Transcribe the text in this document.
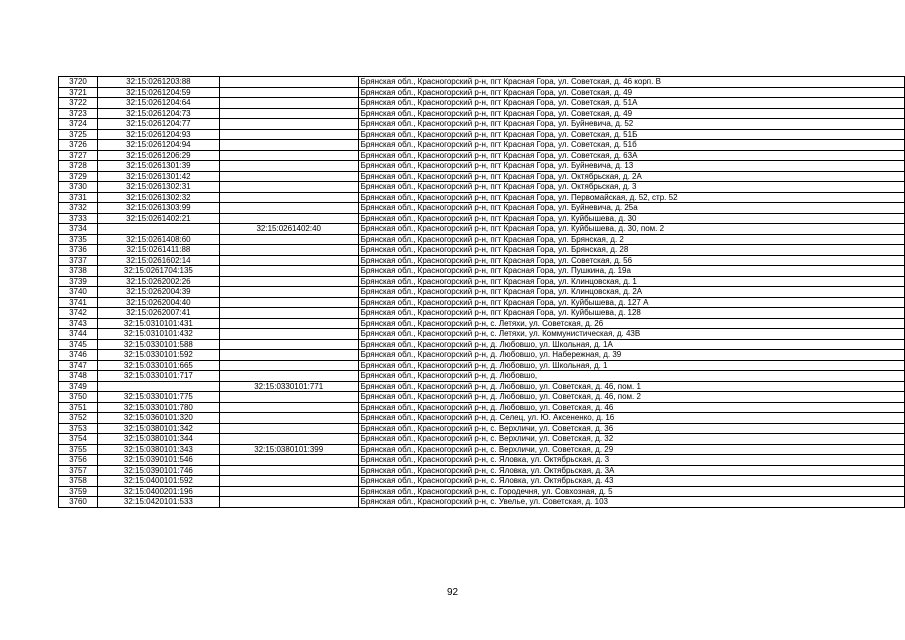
3720	32:15:0261203:88		Брянская обл., Красногорский р-н, пгт Красная Гора, ул. Советская, д. 46 корп. В
3721	32:15:0261204:59		Брянская обл., Красногорский р-н, пгт Красная Гора, ул. Советская, д. 49
3722	32:15:0261204:64		Брянская обл., Красногорский р-н, пгт Красная Гора, ул. Советская, д. 51А
3723	32:15:0261204:73		Брянская обл., Красногорский р-н, пгт Красная Гора, ул. Советская, д. 49
3724	32:15:0261204:77		Брянская обл., Красногорский р-н, пгт Красная Гора, ул. Буйневича, д. 52
3725	32:15:0261204:93		Брянская обл., Красногорский р-н, пгт Красная Гора, ул. Советская, д. 51Б
3726	32:15:0261204:94		Брянская обл., Красногорский р-н, пгт Красная Гора, ул. Советская, д. 51б
3727	32:15:0261206:29		Брянская обл., Красногорский р-н, пгт Красная Гора, ул. Советская, д. 63А
3728	32:15:0261301:39		Брянская обл., Красногорский р-н, пгт Красная Гора, ул. Буйневича, д. 13
3729	32:15:0261301:42		Брянская обл., Красногорский р-н, пгт Красная Гора, ул. Октябрьская, д. 2А
3730	32:15:0261302:31		Брянская обл., Красногорский р-н, пгт Красная Гора, ул. Октябрьская, д. 3
3731	32:15:0261302:32		Брянская обл., Красногорский р-н, пгт Красная Гора, ул. Первомайская, д. 52, стр. 52
3732	32:15:0261303:99		Брянская обл., Красногорский р-н, пгт Красная Гора, ул. Буйневича, д. 25а
3733	32:15:0261402:21		Брянская обл., Красногорский р-н, пгт Красная Гора, ул. Куйбышева, д. 30
3734		32:15:0261402:40	Брянская обл., Красногорский р-н, пгт Красная Гора, ул. Куйбышева, д. 30, пом. 2
3735	32:15:0261408:60		Брянская обл., Красногорский р-н, пгт Красная Гора, ул. Брянская, д. 2
3736	32:15:0261411:88		Брянская обл., Красногорский р-н, пгт Красная Гора, ул. Брянская, д. 28
3737	32:15:0261602:14		Брянская обл., Красногорский р-н, пгт Красная Гора, ул. Советская, д. 56
3738	32:15:0261704:135		Брянская обл., Красногорский р-н, пгт Красная Гора, ул. Пушкина, д. 19а
3739	32:15:0262002:26		Брянская обл., Красногорский р-н, пгт Красная Гора, ул. Клинцовская, д. 1
3740	32:15:0262004:39		Брянская обл., Красногорский р-н, пгт Красная Гора, ул. Клинцовская, д. 2А
3741	32:15:0262004:40		Брянская обл., Красногорский р-н, пгт Красная Гора, ул. Куйбышева, д. 127 А
3742	32:15:0262007:41		Брянская обл., Красногорский р-н, пгт Красная Гора, ул. Куйбышева, д. 128
3743	32:15:0310101:431		Брянская обл., Красногорский р-н, с. Летяхи, ул. Советская, д. 26
3744	32:15:0310101:432		Брянская обл., Красногорский р-н, с. Летяхи, ул. Коммунистическая, д. 43В
3745	32:15:0330101:588		Брянская обл., Красногорский р-н, д. Любовшо, ул. Школьная, д. 1А
3746	32:15:0330101:592		Брянская обл., Красногорский р-н, д. Любовшо, ул. Набережная, д. 39
3747	32:15:0330101:665		Брянская обл., Красногорский р-н, д. Любовшо, ул. Школьная, д. 1
3748	32:15:0330101:717		Брянская обл., Красногорский р-н, д. Любовшо,
3749		32:15:0330101:771	Брянская обл., Красногорский р-н, д. Любовшо, ул. Советская, д. 46, пом. 1
3750	32:15:0330101:775		Брянская обл., Красногорский р-н, д. Любовшо, ул. Советская, д. 46, пом. 2
3751	32:15:0330101:780		Брянская обл., Красногорский р-н, д. Любовшо, ул. Советская, д. 46
3752	32:15:0360101:320		Брянская обл., Красногорский р-н, д. Селец, ул. Ю. Аксененко, д. 16
3753	32:15:0380101:342		Брянская обл., Красногорский р-н, с. Верхличи, ул. Советская, д. 36
3754	32:15:0380101:344		Брянская обл., Красногорский р-н, с. Верхличи, ул. Советская, д. 32
3755	32:15:0380101:343	32:15:0380101:399	Брянская обл., Красногорский р-н, с. Верхличи, ул. Советская, д. 29
3756	32:15:0390101:546		Брянская обл., Красногорский р-н, с. Яловка, ул. Октябрьская, д. 3
3757	32:15:0390101:746		Брянская обл., Красногорский р-н, с. Яловка, ул. Октябрьская, д. 3А
3758	32:15:0400101:592		Брянская обл., Красногорский р-н, с. Яловка, ул. Октябрьская, д. 43
3759	32:15:0400201:196		Брянская обл., Красногорский р-н, с. Городечня, ул. Совхозная, д. 5
3760	32:15:0420101:533		Брянская обл., Красногорский р-н, с. Увелье, ул. Советская, д. 103
92
